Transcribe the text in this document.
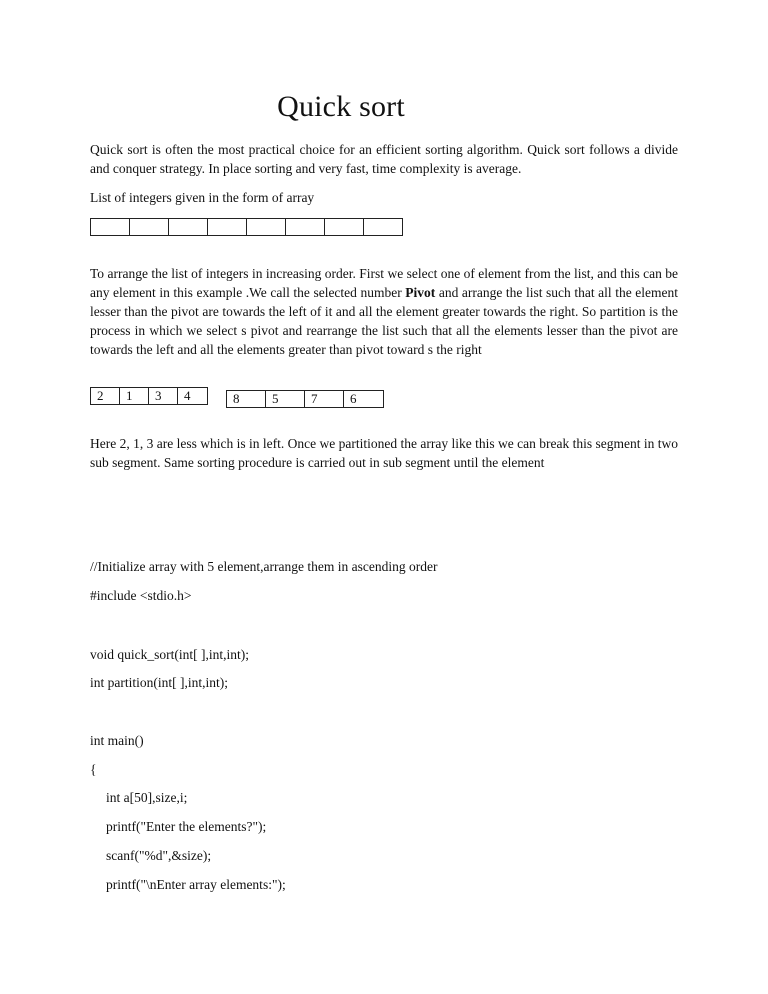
Quick sort
Quick sort is often the most practical choice for an efficient sorting algorithm. Quick sort follows a divide and conquer strategy. In place sorting and very fast, time complexity is average.
List of integers given in the form of array
To arrange the list of integers in increasing order. First we select one of element from the list, and this can be any element in this example .We call the selected number Pivot and arrange the list such that all the element lesser than the pivot are towards the left of it and all the element greater towards the right. So partition is the process in which we select s pivot and rearrange the list such that all the elements lesser than the pivot are towards the left and all the elements greater than pivot toward s the right
2	1	3	4	8	5	7	6
Here 2, 1, 3 are less which is in left. Once we partitioned the array like this we can break this segment in two sub segment. Same sorting procedure is carried out in sub segment until the element
//Initialize array with 5 element,arrange them in ascending order
#include <stdio.h>
void quick_sort(int[ ],int,int);
int partition(int[ ],int,int);
int main()
{
int a[50],size,i;
printf("Enter the elements?");
scanf("%d",&size);
printf("\nEnter array elements:");
